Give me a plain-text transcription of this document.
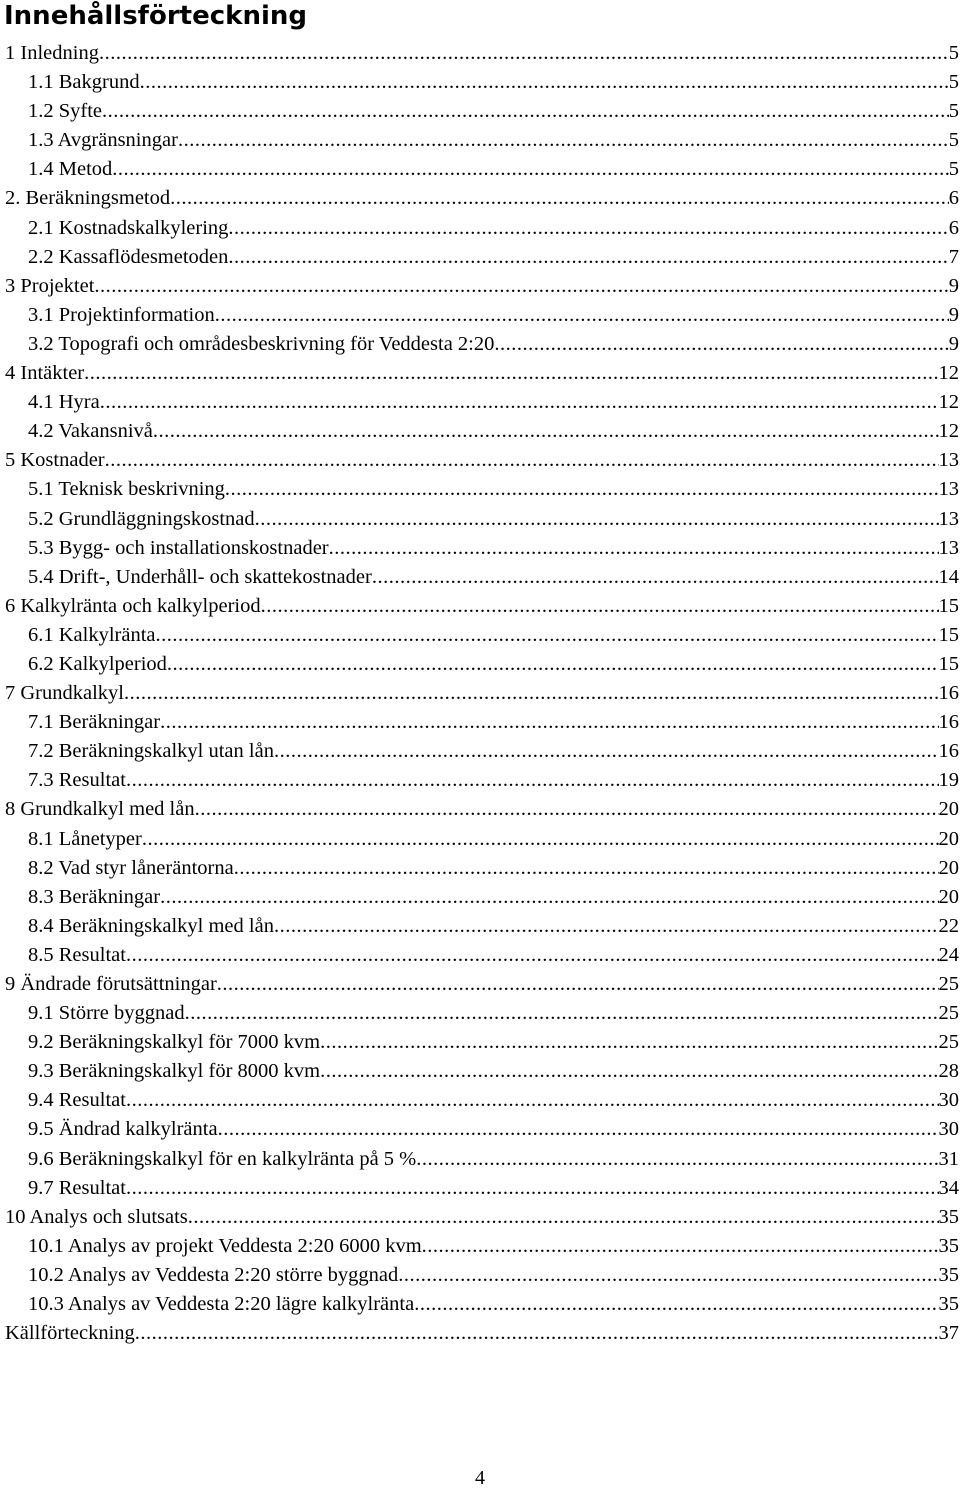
Innehållsförteckning
1 Inledning .....	5
1.1 Bakgrund .....	5
1.2 Syfte .....	5
1.3 Avgränsningar .....	5
1.4 Metod .....	5
2. Beräkningsmetod .....	6
2.1 Kostnadskalkylering .....	6
2.2 Kassaflödesmetoden .....	7
3 Projektet .....	9
3.1 Projektinformation .....	9
3.2 Topografi och områdesbeskrivning för Veddesta 2:20 .....	9
4 Intäkter .....	12
4.1 Hyra .....	12
4.2 Vakansnivå .....	12
5 Kostnader .....	13
5.1 Teknisk beskrivning .....	13
5.2 Grundläggningskostnad .....	13
5.3 Bygg- och installationskostnader .....	13
5.4 Drift-, Underhåll- och skattekostnader .....	14
6 Kalkylränta och kalkylperiod .....	15
6.1 Kalkylränta .....	15
6.2 Kalkylperiod .....	15
7 Grundkalkyl .....	16
7.1 Beräkningar .....	16
7.2 Beräkningskalkyl utan lån .....	16
7.3 Resultat .....	19
8 Grundkalkyl med lån .....	20
8.1 Lånetyper .....	20
8.2 Vad styr låneräntorna .....	20
8.3 Beräkningar .....	20
8.4 Beräkningskalkyl med lån .....	22
8.5 Resultat .....	24
9 Ändrade förutsättningar .....	25
9.1 Större byggnad .....	25
9.2 Beräkningskalkyl för 7000 kvm .....	25
9.3 Beräkningskalkyl för 8000 kvm .....	28
9.4 Resultat .....	30
9.5 Ändrad kalkylränta .....	30
9.6 Beräkningskalkyl för en kalkylränta på 5 % .....	31
9.7 Resultat .....	34
10 Analys och slutsats .....	35
10.1 Analys av projekt Veddesta 2:20 6000 kvm .....	35
10.2 Analys av Veddesta 2:20 större byggnad .....	35
10.3 Analys av Veddesta 2:20 lägre kalkylränta .....	35
Källförteckning .....	37
4
